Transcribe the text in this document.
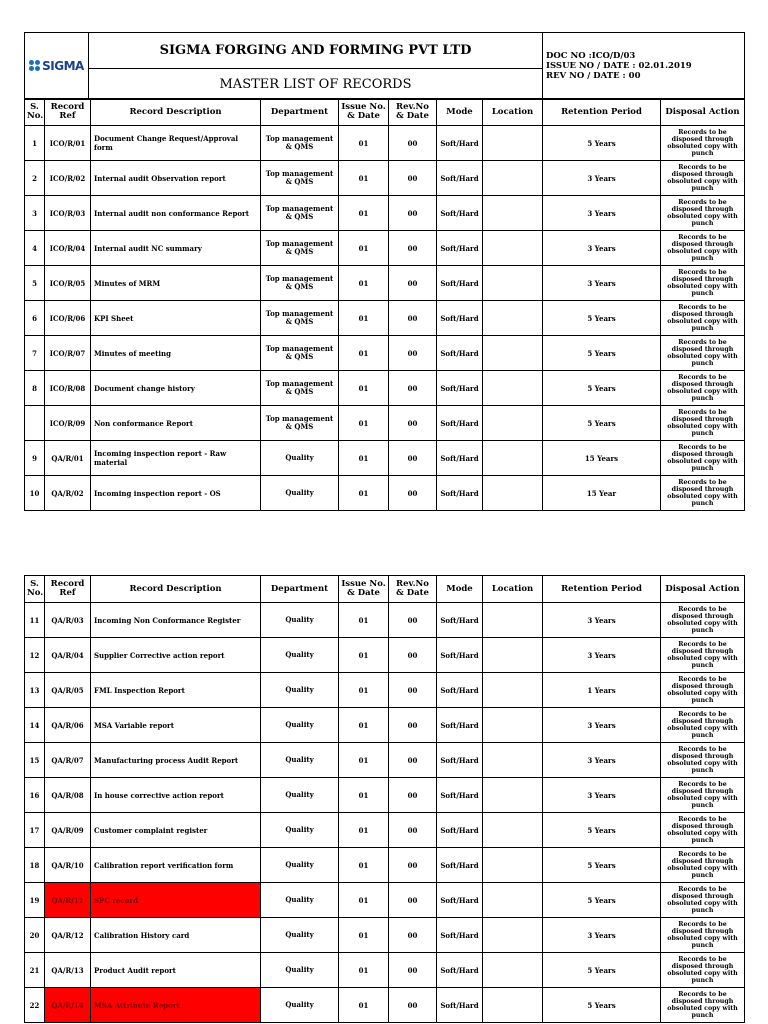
SIGMA
	SIGMA FORGING AND FORMING PVT LTD	DOC NO :ICO/D/03
ISSUE NO / DATE : 02.01.2019
REV NO / DATE : 00

MASTER LIST OF RECORDS
S. No.	Record Ref	Record Description	Department	Issue No. & Date	Rev.No & Date	Mode	Location	Retention Period	Disposal Action
1	ICO/R/01	Document Change Request/Approval form	Top management & QMS	01	00	Soft/Hard		5 Years	Records to be disposed through obsoluted copy with punch
2	ICO/R/02	Internal audit Observation report	Top management & QMS	01	00	Soft/Hard		3 Years	Records to be disposed through obsoluted copy with punch
3	ICO/R/03	Internal audit non conformance Report	Top management & QMS	01	00	Soft/Hard		3 Years	Records to be disposed through obsoluted copy with punch
4	ICO/R/04	Internal audit NC summary	Top management & QMS	01	00	Soft/Hard		3 Years	Records to be disposed through obsoluted copy with punch
5	ICO/R/05	Minutes of MRM	Top management & QMS	01	00	Soft/Hard		3 Years	Records to be disposed through obsoluted copy with punch
6	ICO/R/06	KPI Sheet	Top management & QMS	01	00	Soft/Hard		5 Years	Records to be disposed through obsoluted copy with punch
7	ICO/R/07	Minutes of meeting	Top management & QMS	01	00	Soft/Hard		5 Years	Records to be disposed through obsoluted copy with punch
8	ICO/R/08	Document change history	Top management & QMS	01	00	Soft/Hard		5 Years	Records to be disposed through obsoluted copy with punch
	ICO/R/09	Non conformance Report	Top management & QMS	01	00	Soft/Hard		5 Years	Records to be disposed through obsoluted copy with punch
9	QA/R/01	Incoming inspection report - Raw material	Quality	01	00	Soft/Hard		15 Years	Records to be disposed through obsoluted copy with punch
10	QA/R/02	Incoming inspection report - OS	Quality	01	00	Soft/Hard		15 Year	Records to be disposed through obsoluted copy with punch
S. No.	Record Ref	Record Description	Department	Issue No. & Date	Rev.No & Date	Mode	Location	Retention Period	Disposal Action
11	QA/R/03	Incoming Non Conformance Register	Quality	01	00	Soft/Hard		3 Years	Records to be disposed through obsoluted copy with punch
12	QA/R/04	Supplier Corrective action report	Quality	01	00	Soft/Hard		3 Years	Records to be disposed through obsoluted copy with punch
13	QA/R/05	FML Inspection Report	Quality	01	00	Soft/Hard		1 Years	Records to be disposed through obsoluted copy with punch
14	QA/R/06	MSA Variable report	Quality	01	00	Soft/Hard		3 Years	Records to be disposed through obsoluted copy with punch
15	QA/R/07	Manufacturing process Audit Report	Quality	01	00	Soft/Hard		3 Years	Records to be disposed through obsoluted copy with punch
16	QA/R/08	In house corrective action report	Quality	01	00	Soft/Hard		3 Years	Records to be disposed through obsoluted copy with punch
17	QA/R/09	Customer complaint register	Quality	01	00	Soft/Hard		5 Years	Records to be disposed through obsoluted copy with punch
18	QA/R/10	Calibration report verification form	Quality	01	00	Soft/Hard		5 Years	Records to be disposed through obsoluted copy with punch
19	QA/R/11	SPC record	Quality	01	00	Soft/Hard		5 Years	Records to be disposed through obsoluted copy with punch
20	QA/R/12	Calibration History card	Quality	01	00	Soft/Hard		3 Years	Records to be disposed through obsoluted copy with punch
21	QA/R/13	Product Audit report	Quality	01	00	Soft/Hard		5 Years	Records to be disposed through obsoluted copy with punch
22	QA/R/14	MSA Attribute Report	Quality	01	00	Soft/Hard		5 Years	Records to be disposed through obsoluted copy with punch
